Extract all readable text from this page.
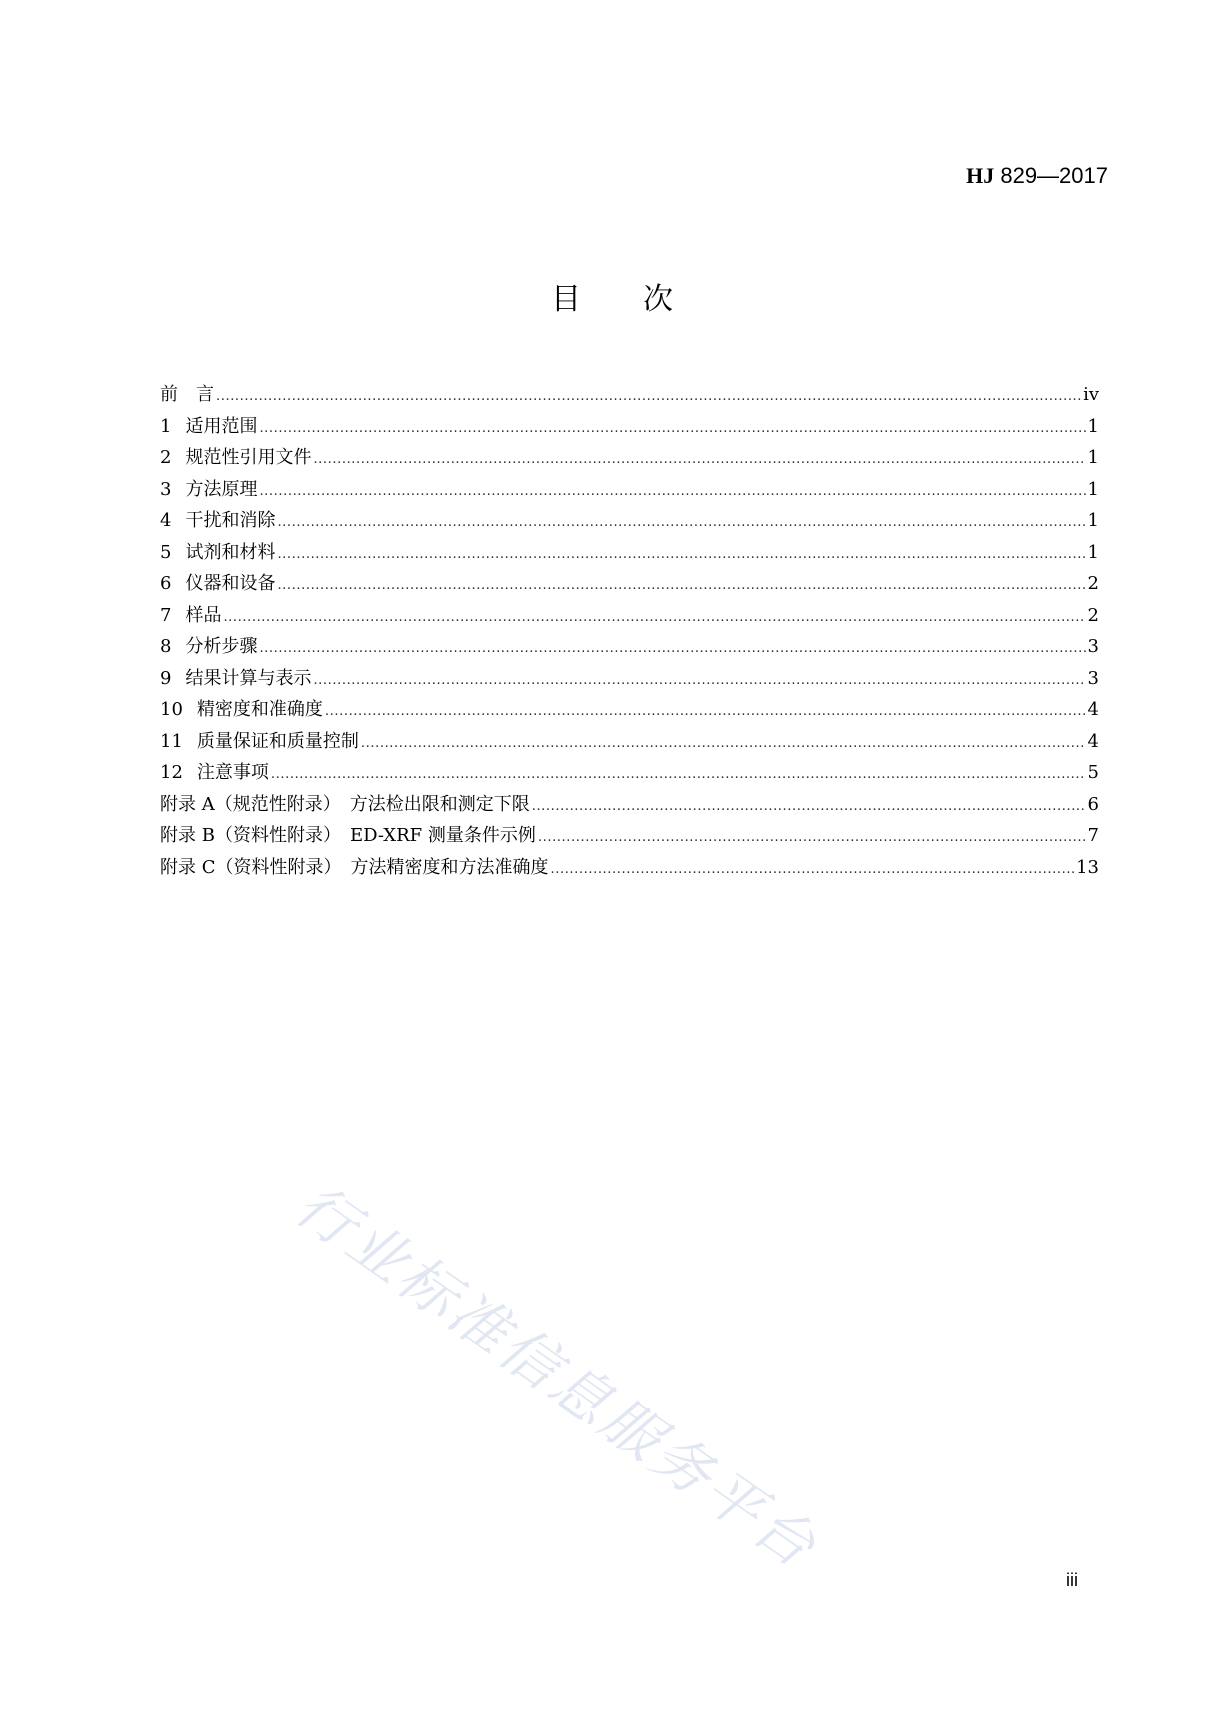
HJ 829—2017
目 次
前　言 .....	iv
1 适用范围 .....	1
2 规范性引用文件 .....	1
3 方法原理 .....	1
4 干扰和消除 .....	1
5 试剂和材料 .....	1
6 仪器和设备 .....	2
7 样品 .....	2
8 分析步骤 .....	3
9 结果计算与表示 .....	3
10 精密度和准确度 .....	4
11 质量保证和质量控制 .....	4
12 注意事项 .....	5
附录 A（规范性附录）　方法检出限和测定下限 .....	6
附录 B（资料性附录）　ED-XRF 测量条件示例 .....	7
附录 C（资料性附录）　方法精密度和方法准确度 .....	13
行业标准信息服务平台	iii
